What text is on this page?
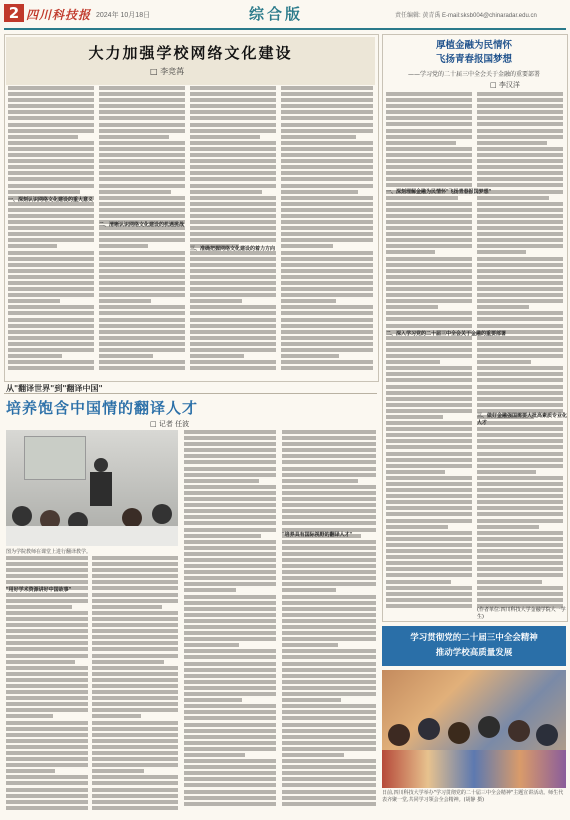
2 四川科技报 2024年 10月18日	综合版	责任编辑: 黄青禹 E-mail:sksb004@chinaradar.edu.cn
大力加强学校网络文化建设
□ 李竞苒
一、深刻认识网络文化建设的重大意义
二、清晰认识网络文化建设的机遇挑战
三、准确把握网络文化建设的着力方向
厚植金融为民情怀
飞扬青春报国梦想
——学习党的二十届三中全会关于金融的重要部署
□ 李汉洋
一、深刻理解金融为民情怀"飞扬青春报国梦想"
二、深入学习党的二十届三中全会关于金融的重要部署
三、做好金融强国需要大批高素质专业化人才
(作者单位:四川科技大学金融学院大一学生)
学习贯彻党的二十届三中全会精神
推动学校高质量发展
日前,四川科技大学举办"学习贯彻党的二十届三中全会精神"主题宣讲活动。师生代表齐聚一堂,共同学习领会全会精神。(胡静 摄)
从"翻译世界"到"翻译中国"
培养饱含中国情的翻译人才
□ 记者 任波
图为学院教师在课堂上进行翻译教学。
"用好学术资源讲好中国故事"
"培养具有国际视野的翻译人才"
